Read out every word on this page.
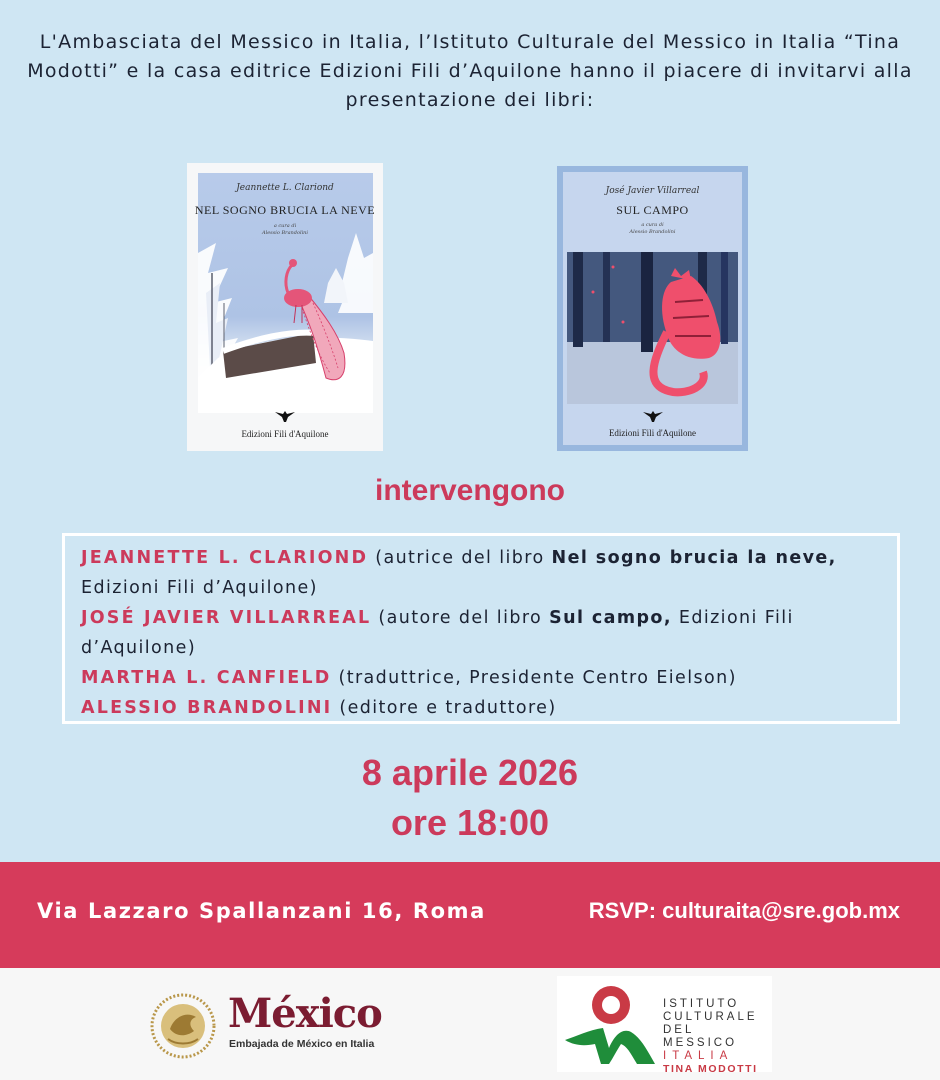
L'Ambasciata del Messico in Italia, l’Istituto Culturale del Messico in Italia “Tina Modotti” e la casa editrice Edizioni Fili d’Aquilone hanno il piacere di invitarvi alla presentazione dei libri:
Jeannette L. Clariond
NEL SOGNO BRUCIA LA NEVE
a cura di
Alessio Brandolini
Edizioni Fili d'Aquilone
José Javier Villarreal
SUL CAMPO
a cura di
Alessio Brandolini
Edizioni Fili d'Aquilone
intervengono

JEANNETTE L. CLARIOND (autrice del libro Nel sogno brucia la neve, Edizioni Fili d’Aquilone)

JOSÉ JAVIER VILLARREAL (autore del libro Sul campo, Edizioni Fili d’Aquilone)

MARTHA L. CANFIELD (traduttrice, Presidente Centro Eielson)

ALESSIO BRANDOLINI (editore e traduttore)

8 aprile 2026
ore 18:00
Via Lazzaro Spallanzani 16, Roma	RSVP: culturaita@sre.gob.mx
México
Embajada de México en Italia
ISTITUTO
CULTURALE
DEL MESSICO
ITALIA
TINA MODOTTI
